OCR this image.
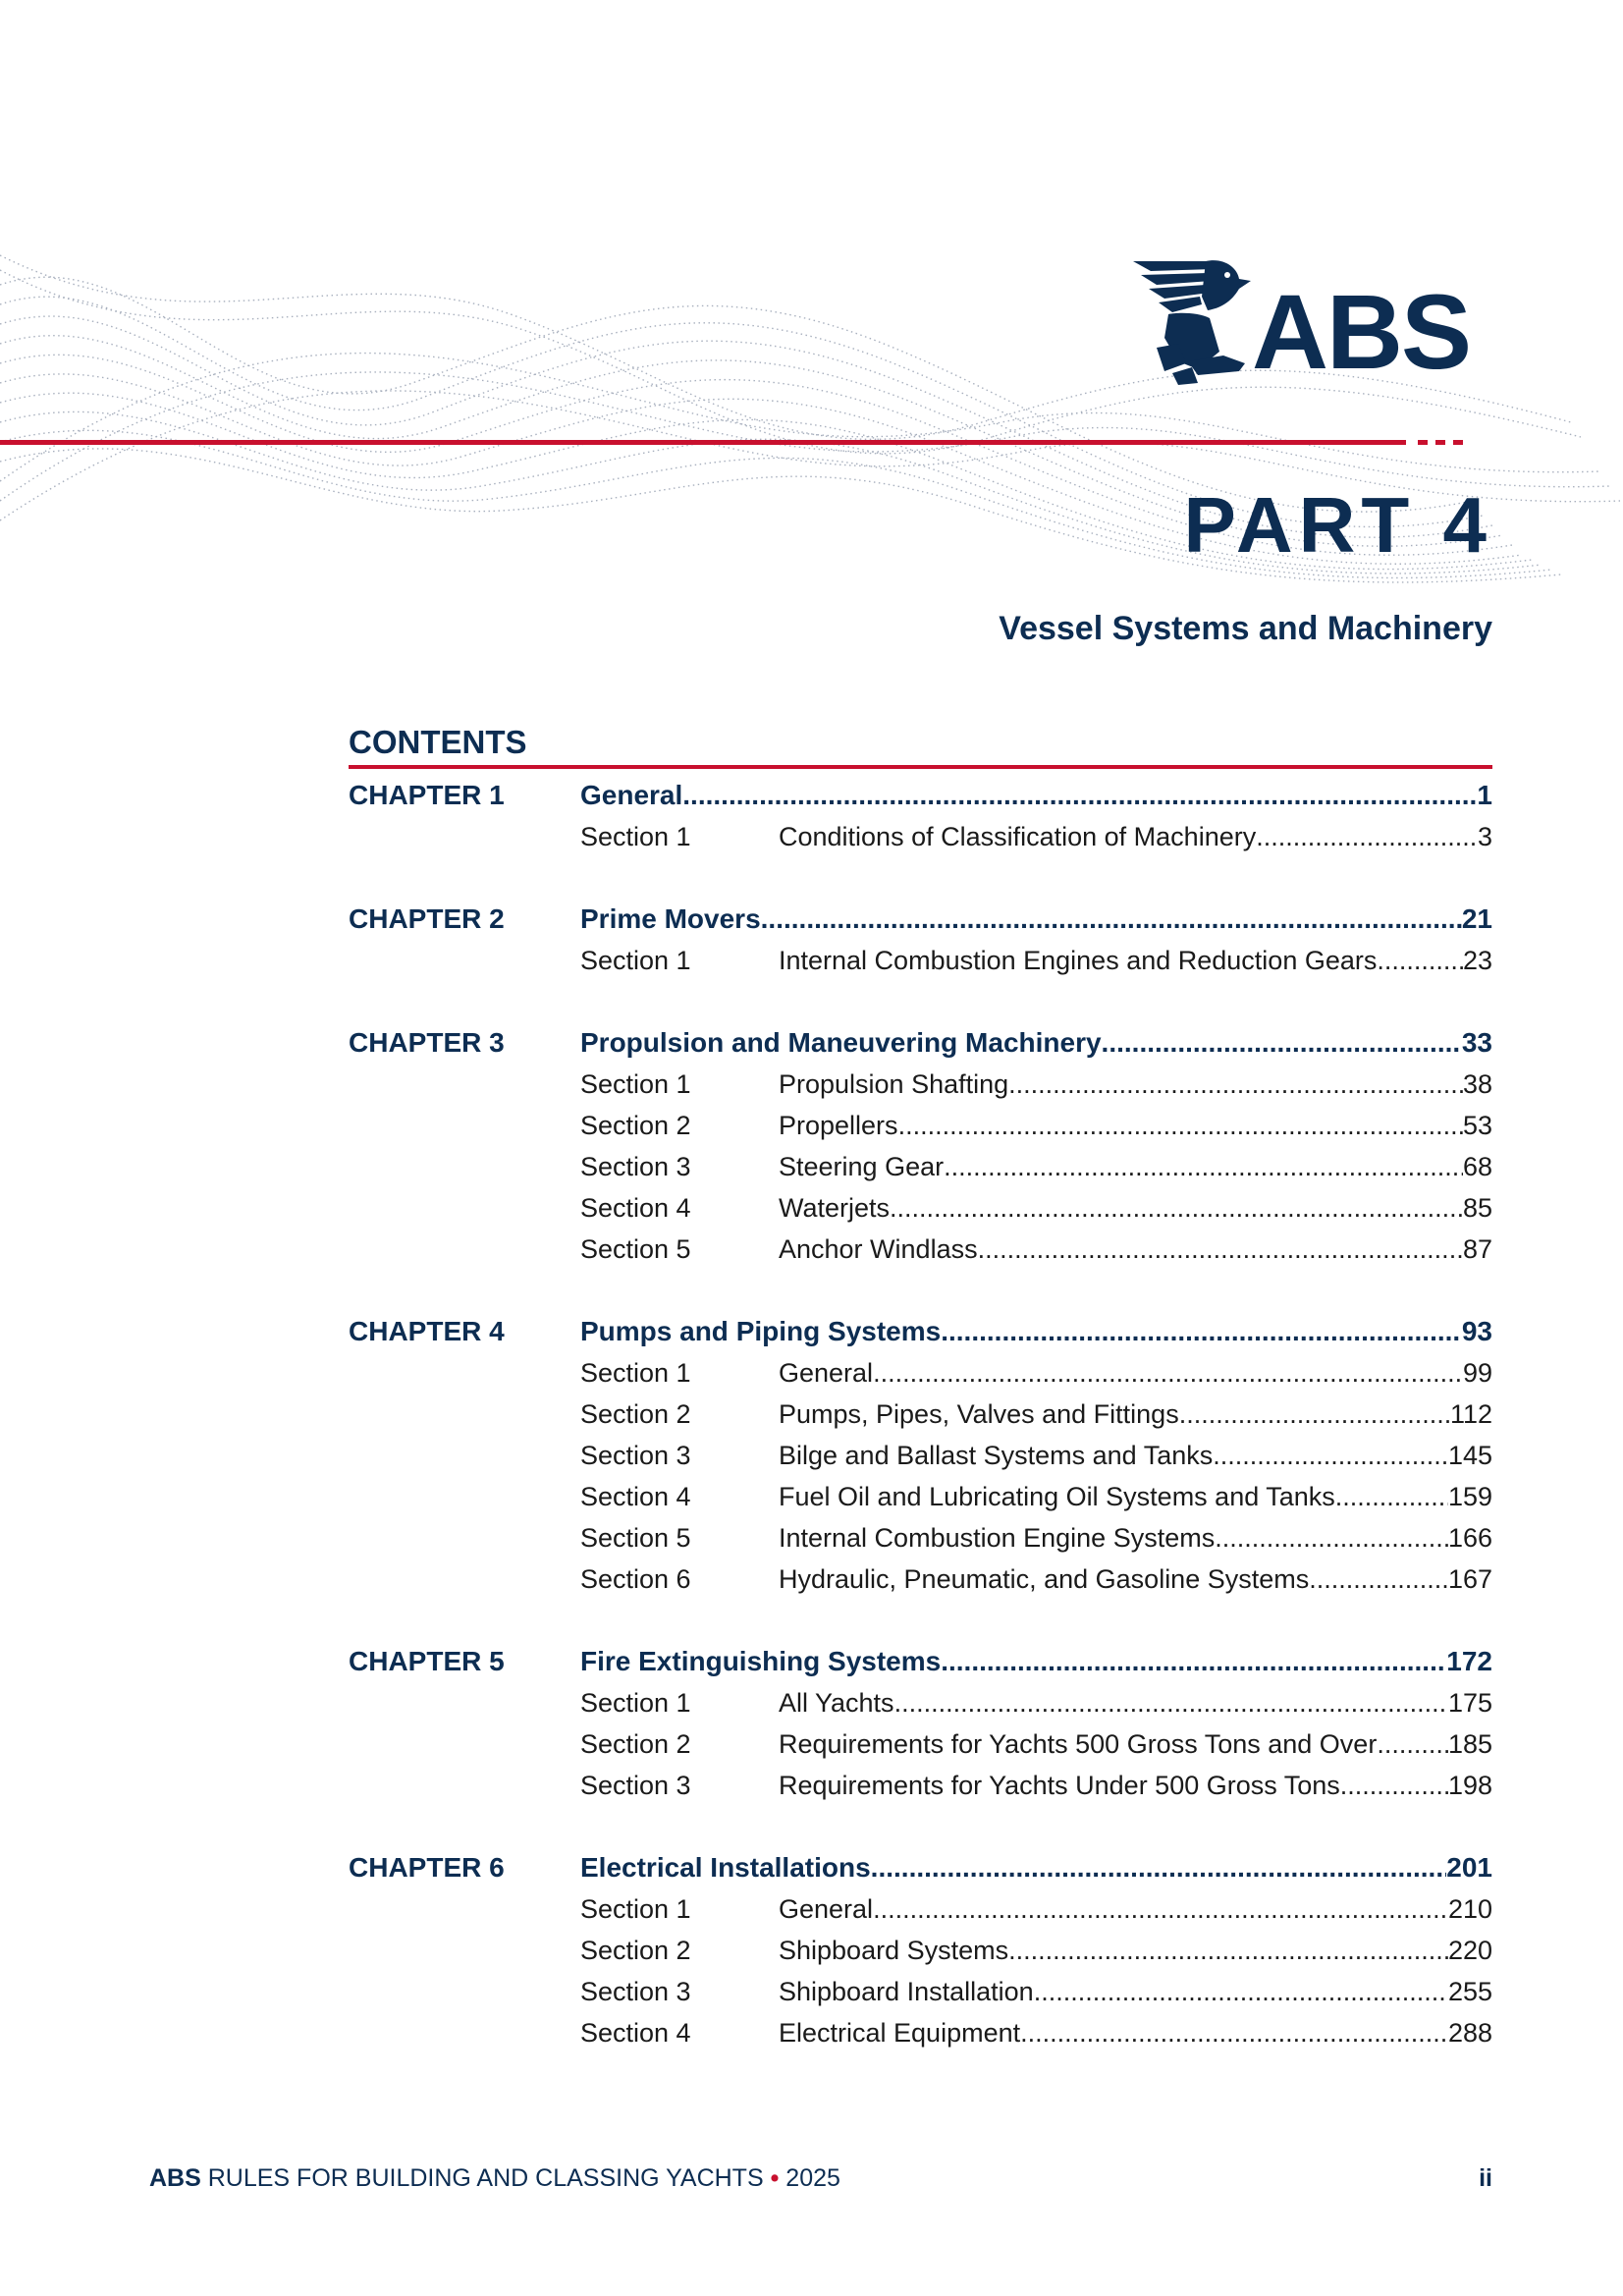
ABS
PART 4
Vessel Systems and Machinery
CONTENTS
CHAPTER 1	General .....	1
Section 1	Conditions of Classification of Machinery .....	3
CHAPTER 2	Prime Movers .....	21
Section 1	Internal Combustion Engines and Reduction Gears .....	23
CHAPTER 3	Propulsion and Maneuvering Machinery .....	33
Section 1	Propulsion Shafting .....	38
Section 2	Propellers .....	53
Section 3	Steering Gear .....	68
Section 4	Waterjets .....	85
Section 5	Anchor Windlass .....	87
CHAPTER 4	Pumps and Piping Systems .....	93
Section 1	General .....	99
Section 2	Pumps, Pipes, Valves and Fittings .....	112
Section 3	Bilge and Ballast Systems and Tanks .....	145
Section 4	Fuel Oil and Lubricating Oil Systems and Tanks .....	159
Section 5	Internal Combustion Engine Systems .....	166
Section 6	Hydraulic, Pneumatic, and Gasoline Systems .....	167
CHAPTER 5	Fire Extinguishing Systems .....	172
Section 1	All Yachts .....	175
Section 2	Requirements for Yachts 500 Gross Tons and Over .....	185
Section 3	Requirements for Yachts Under 500 Gross Tons .....	198
CHAPTER 6	Electrical Installations .....	201
Section 1	General .....	210
Section 2	Shipboard Systems .....	220
Section 3	Shipboard Installation .....	255
Section 4	Electrical Equipment .....	288
ABS RULES FOR BUILDING AND CLASSING YACHTS • 2025	ii
